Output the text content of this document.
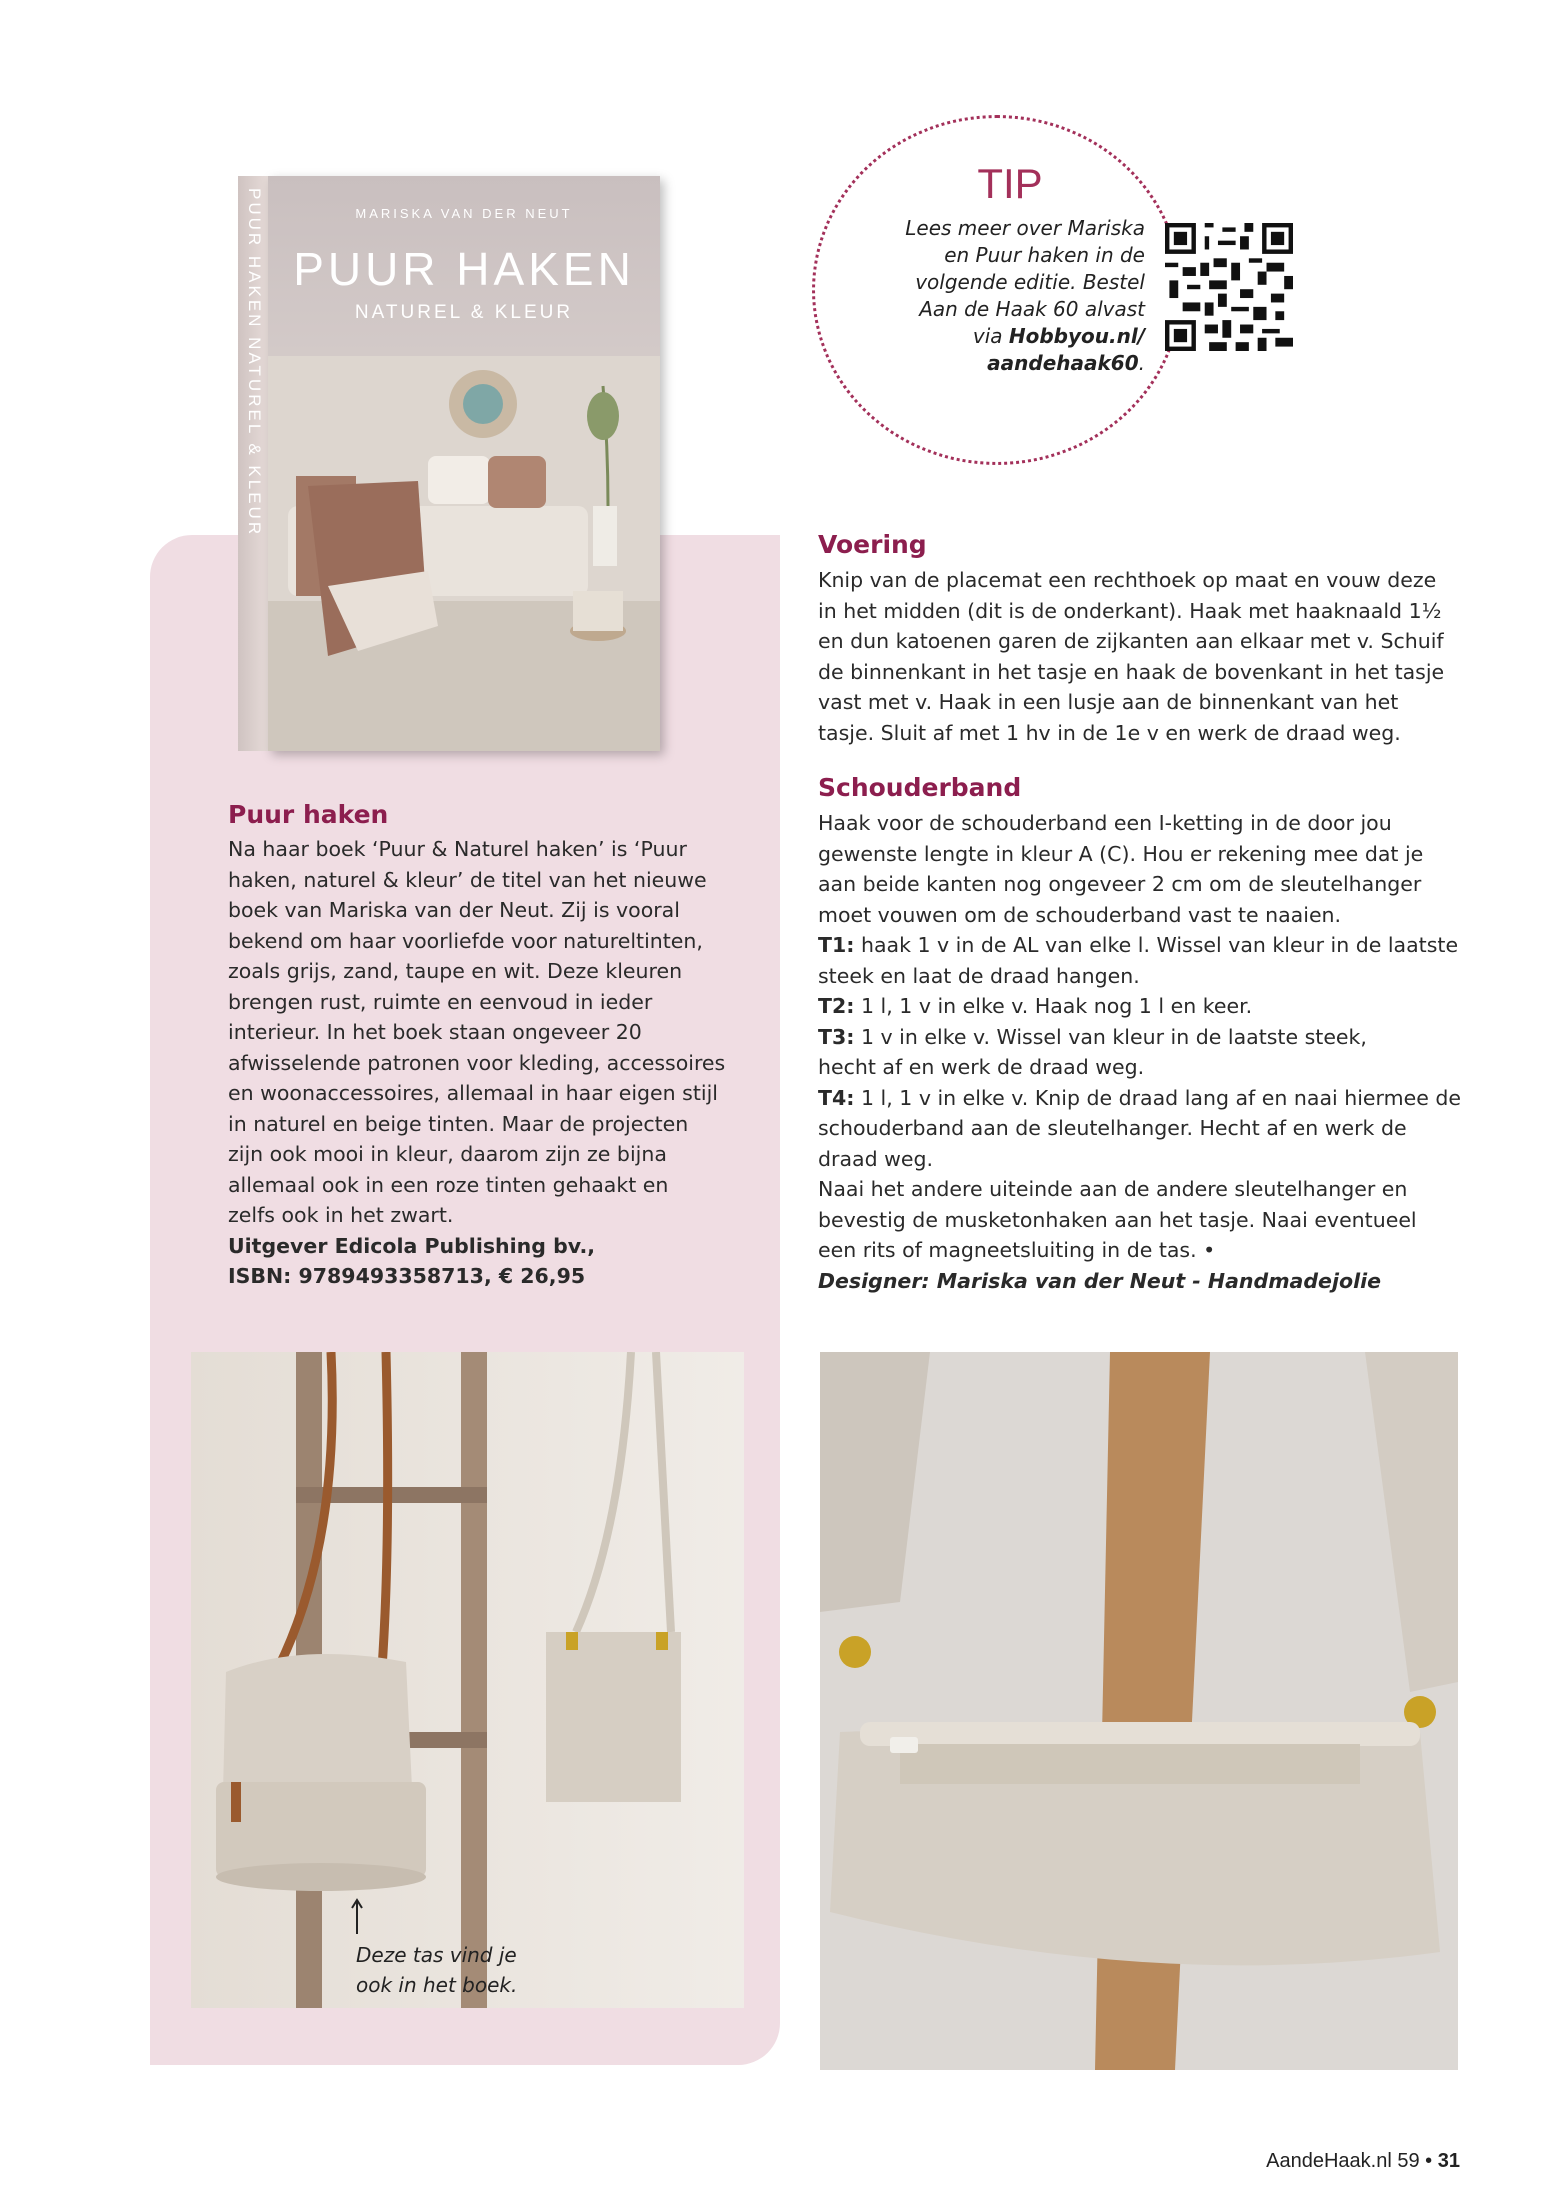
PUUR HAKEN NATUREL & KLEUR	MARISKA VAN DER NEUT
PUUR HAKEN
NATUREL & KLEUR
TIP
Lees meer over Mariska
en Puur haken in de
volgende editie. Bestel
Aan de Haak 60 alvast
via Hobbyou.nl/
aandehaak60.
Puur haken
Na haar boek ‘Puur & Naturel haken’ is ‘Puur
haken, naturel & kleur’ de titel van het nieuwe
boek van Mariska van der Neut. Zij is vooral
bekend om haar voorliefde voor natureltinten,
zoals grijs, zand, taupe en wit. Deze kleuren
brengen rust, ruimte en eenvoud in ieder
interieur. In het boek staan ongeveer 20
afwisselende patronen voor kleding, accessoires
en woonaccessoires, allemaal in haar eigen stijl
in naturel en beige tinten. Maar de projecten
zijn ook mooi in kleur, daarom zijn ze bijna
allemaal ook in een roze tinten gehaakt en
zelfs ook in het zwart.
Uitgever Edicola Publishing bv.,
ISBN: 9789493358713, € 26,95
Voering
Knip van de placemat een rechthoek op maat en vouw deze
in het midden (dit is de onderkant). Haak met haaknaald 1½
en dun katoenen garen de zijkanten aan elkaar met v. Schuif
de binnenkant in het tasje en haak de bovenkant in het tasje
vast met v. Haak in een lusje aan de binnenkant van het
tasje. Sluit af met 1 hv in de 1e v en werk de draad weg.
Schouderband
Haak voor de schouderband een I-ketting in de door jou
gewenste lengte in kleur A (C). Hou er rekening mee dat je
aan beide kanten nog ongeveer 2 cm om de sleutelhanger
moet vouwen om de schouderband vast te naaien.
T1: haak 1 v in de AL van elke l. Wissel van kleur in de laatste
steek en laat de draad hangen.
T2: 1 l, 1 v in elke v. Haak nog 1 l en keer.
T3: 1 v in elke v. Wissel van kleur in de laatste steek,
hecht af en werk de draad weg.
T4: 1 l, 1 v in elke v. Knip de draad lang af en naai hiermee de
schouderband aan de sleutelhanger. Hecht af en werk de
draad weg.
Naai het andere uiteinde aan de andere sleutelhanger en
bevestig de musketonhaken aan het tasje. Naai eventueel
een rits of magneetsluiting in de tas. •
Designer: Mariska van der Neut - Handmadejolie
Deze tas vind je
ook in het boek.
AandeHaak.nl 59 • 31
